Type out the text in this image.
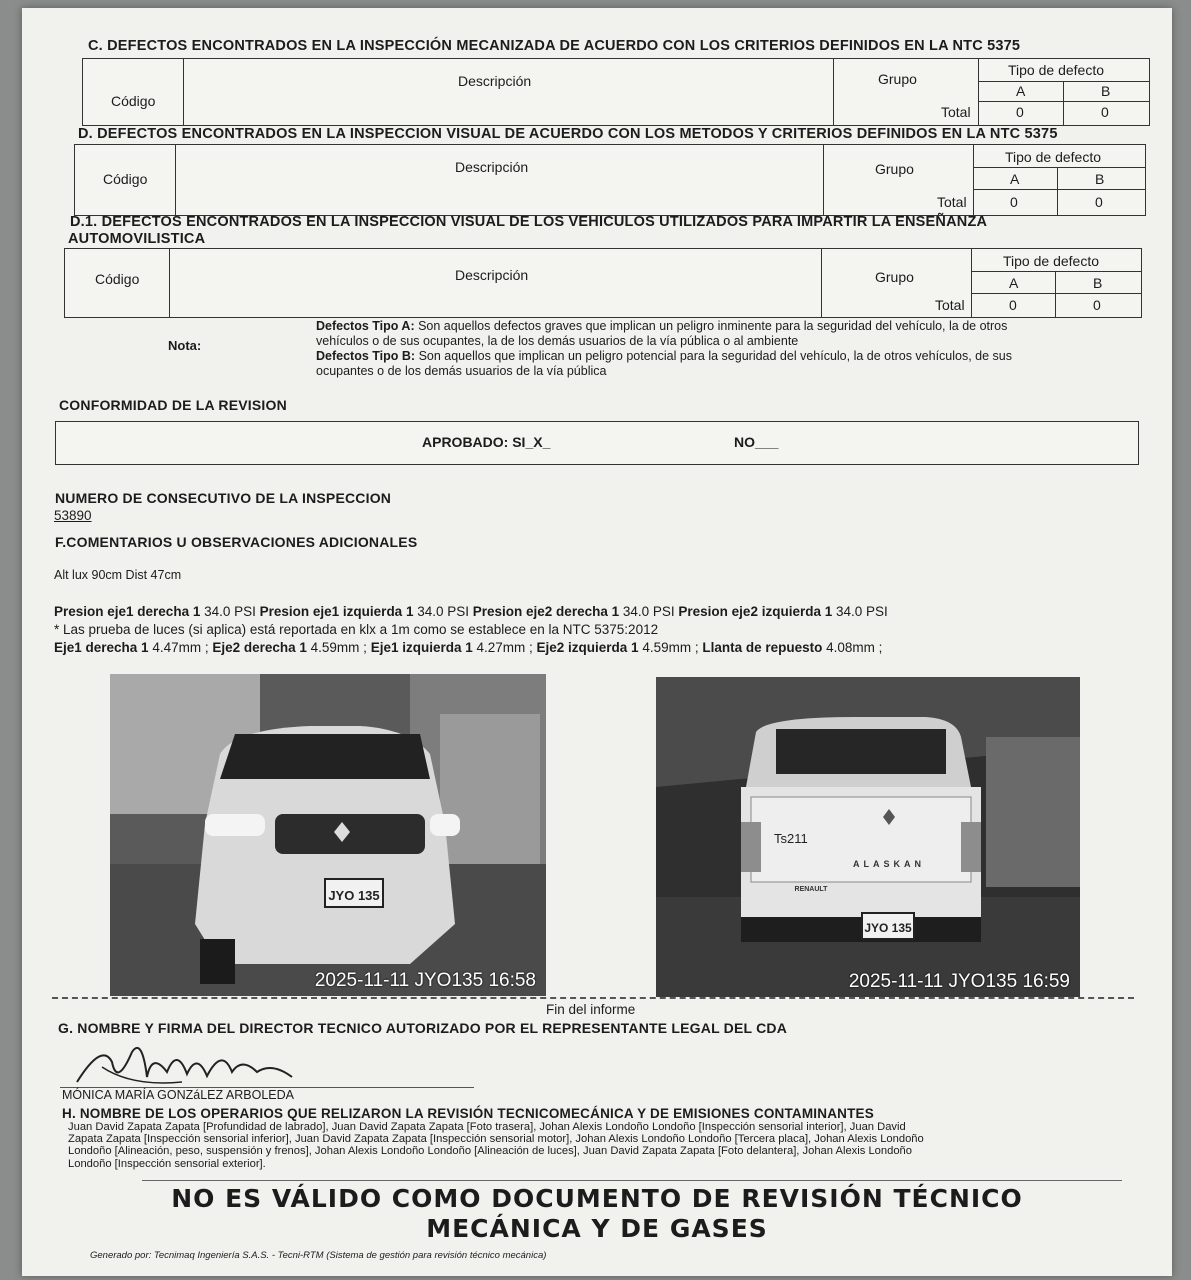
C. DEFECTOS ENCONTRADOS EN LA INSPECCIÓN MECANIZADA DE ACUERDO CON LOS CRITERIOS DEFINIDOS EN LA NTC 5375
Código
Descripción	Grupo
Tipo de defecto
A	B
Total	0	0
D. DEFECTOS ENCONTRADOS EN LA INSPECCION VISUAL DE ACUERDO CON LOS METODOS Y CRITERIOS DEFINIDOS EN LA NTC 5375
Código
Descripción	Grupo
Tipo de defecto
A	B
Total	0	0
D.1. DEFECTOS ENCONTRADOS EN LA INSPECCION VISUAL DE LOS VEHICULOS UTILIZADOS PARA IMPARTIR LA ENSEÑANZA
AUTOMOVILISTICA
Código	Descripción	Grupo
Tipo de defecto
A	B
Total	0	0
Nota:
Defectos Tipo A: Son aquellos defectos graves que implican un peligro inminente para la seguridad del vehículo, la de otros
vehículos o de sus ocupantes, la de los demás usuarios de la vía pública o al ambiente
Defectos Tipo B: Son aquellos que implican un peligro potencial para la seguridad del vehículo, la de otros vehículos, de sus
ocupantes o de los demás usuarios de la vía pública
CONFORMIDAD DE LA REVISION
APROBADO: SI_X_	NO___
NUMERO DE CONSECUTIVO DE LA INSPECCION
53890
F.COMENTARIOS U OBSERVACIONES ADICIONALES
Alt lux 90cm Dist 47cm
Presion eje1 derecha 1 34.0 PSI Presion eje1 izquierda 1 34.0 PSI Presion eje2 derecha 1 34.0 PSI Presion eje2 izquierda 1 34.0 PSI
* Las prueba de luces (si aplica) está reportada en klx a 1m como se establece en la NTC 5375:2012
Eje1 derecha 1 4.47mm ; Eje2 derecha 1 4.59mm ; Eje1 izquierda 1 4.27mm ; Eje2 izquierda 1 4.59mm ; Llanta de repuesto 4.08mm ;
JYO 135
2025-11-11 JYO135 16:58
JYO 135
Ts211
ALASKAN
RENAULT
2025-11-11 JYO135 16:59
Fin del informe
G. NOMBRE Y FIRMA DEL DIRECTOR TECNICO AUTORIZADO POR EL REPRESENTANTE LEGAL DEL CDA
MÓNICA MARÍA GONZáLEZ ARBOLEDA
H. NOMBRE DE LOS OPERARIOS QUE RELIZARON LA REVISIÓN TECNICOMECÁNICA Y DE EMISIONES CONTAMINANTES
Juan David Zapata Zapata [Profundidad de labrado], Juan David Zapata Zapata [Foto trasera], Johan Alexis Londoño Londoño [Inspección sensorial interior], Juan David
Zapata Zapata [Inspección sensorial inferior], Juan David Zapata Zapata [Inspección sensorial motor], Johan Alexis Londoño Londoño [Tercera placa], Johan Alexis Londoño
Londoño [Alineación, peso, suspensión y frenos], Johan Alexis Londoño Londoño [Alineación de luces], Juan David Zapata Zapata [Foto delantera], Johan Alexis Londoño
Londoño [Inspección sensorial exterior].
NO ES VÁLIDO COMO DOCUMENTO DE REVISIÓN TÉCNICO
MECÁNICA Y DE GASES
Generado por: Tecnimaq Ingeniería S.A.S. - Tecni-RTM (Sistema de gestión para revisión técnico mecánica)
